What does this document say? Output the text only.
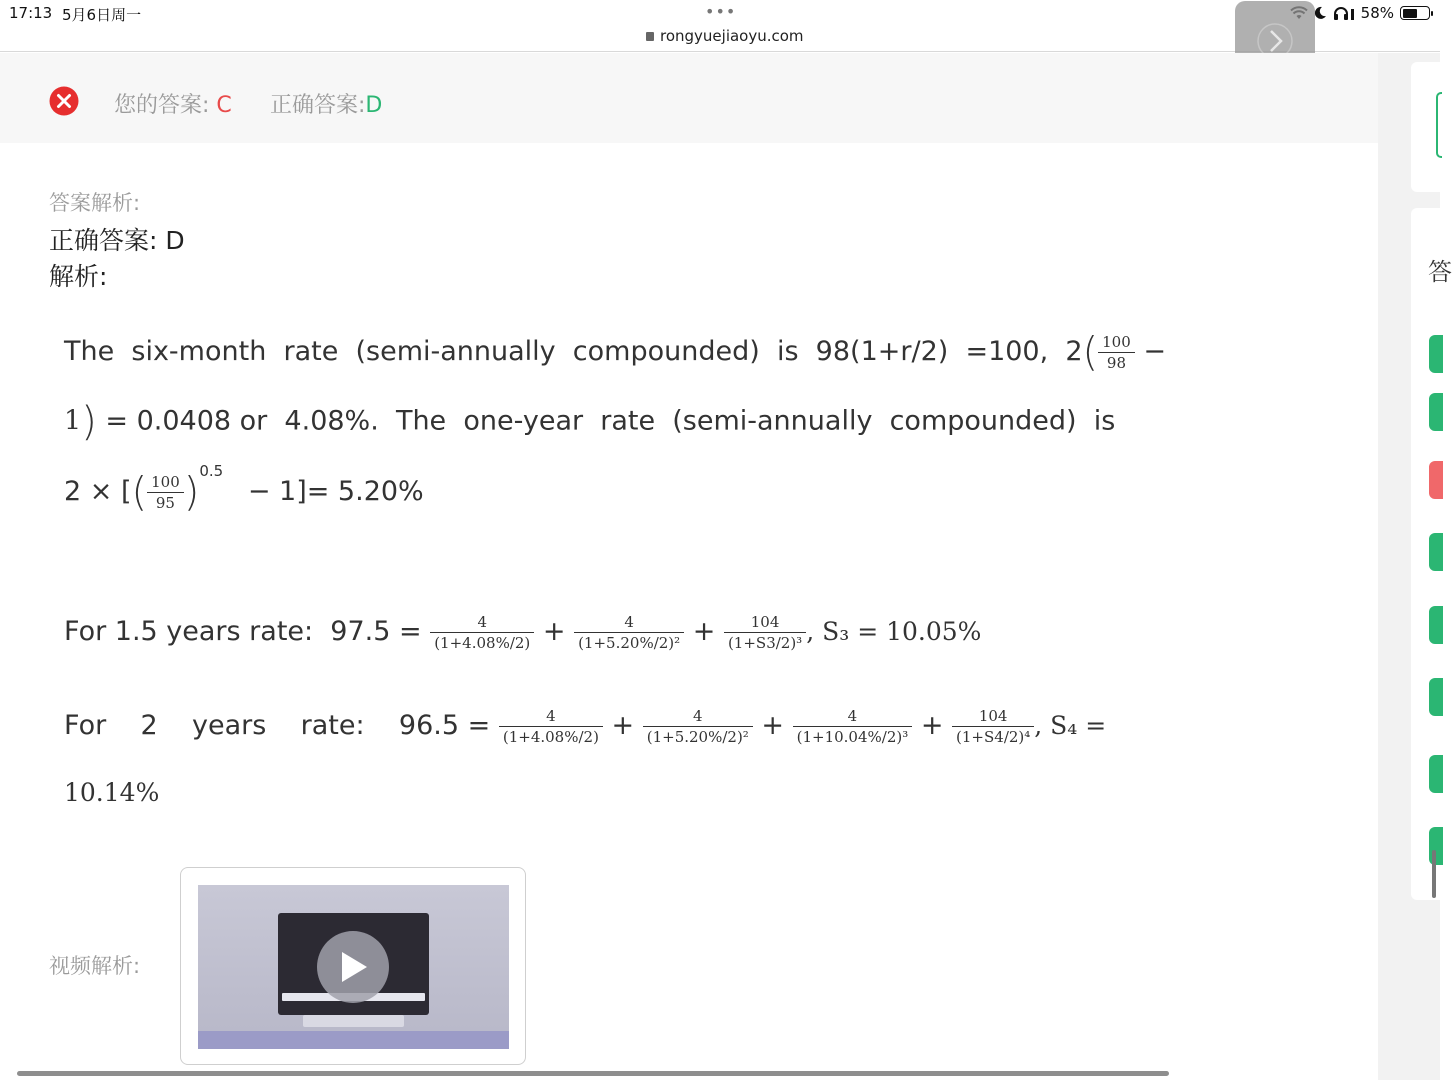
17:13 5月6日周一	•••
rongyuejiaoyu.com
58%
您的答案: C 正确答案:D
答案解析:
正确答案: D
解析:
The  six-month  rate  (semi-annually  compounded)  is  98(1+r/2)  =100,  $2( \frac{100}{98}$ −
1) = 0.0408 or  4.08%.  The  one-year  rate  (semi-annually  compounded)  is
2 × [( $\frac{100}{95} )^{0.5} - 1]= 5.20\%$
For 1.5 years rate:  $97.5 = \frac{4}{(1+4.08\%/2)} + \frac{4}{\text{(1+5.20\%/2)²}} + \frac{104}{\text{(1+S3/2)³}}$ , S₃ = 10.05%
For    2    years    rate:    $96.5 = \frac{4}{(1+4.08\%/2)} + \frac{4}{\text{(1+5.20\%/2)²}} + \frac{4}{\text{(1+10.04\%/2)³}} + \frac{104}{\text{(1+S4/2)⁴}}$ , S₄ =
10.14%
视频解析:
答
